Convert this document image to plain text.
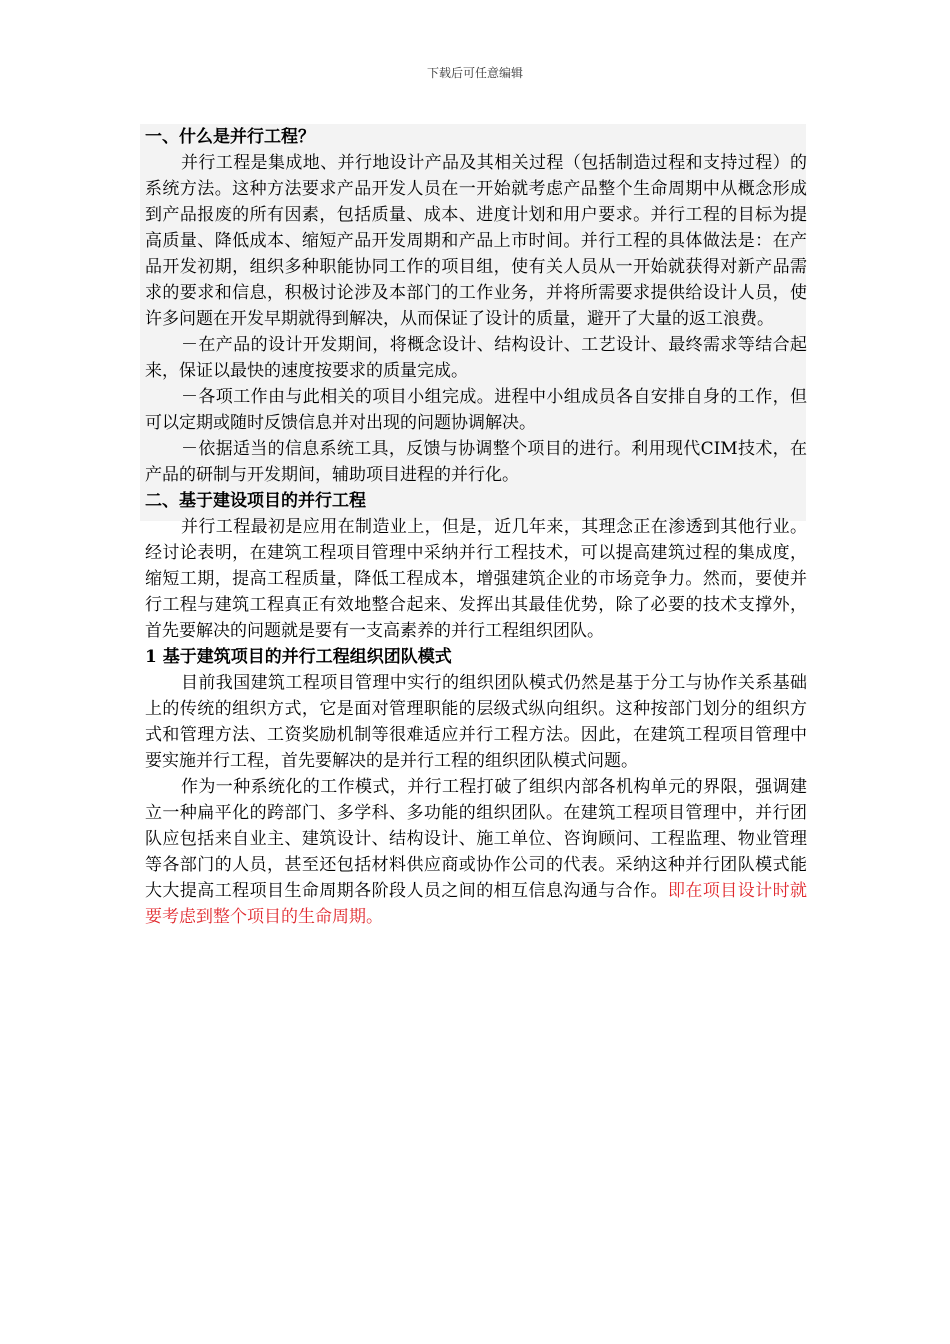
下载后可任意编辑

一、什么是并行工程？

并行工程是集成地、并行地设计产品及其相关过程（包括制造过程和支持过程）的系统方法。这种方法要求产品开发人员在一开始就考虑产品整个生命周期中从概念形成到产品报废的所有因素，包括质量、成本、进度计划和用户要求。并行工程的目标为提高质量、降低成本、缩短产品开发周期和产品上市时间。并行工程的具体做法是：在产品开发初期，组织多种职能协同工作的项目组，使有关人员从一开始就获得对新产品需求的要求和信息，积极讨论涉及本部门的工作业务，并将所需要求提供给设计人员，使许多问题在开发早期就得到解决，从而保证了设计的质量，避开了大量的返工浪费。

－在产品的设计开发期间，将概念设计、结构设计、工艺设计、最终需求等结合起来，保证以最快的速度按要求的质量完成。

－各项工作由与此相关的项目小组完成。进程中小组成员各自安排自身的工作，但可以定期或随时反馈信息并对出现的问题协调解决。

－依据适当的信息系统工具，反馈与协调整个项目的进行。利用现代CIM技术，在产品的研制与开发期间，辅助项目进程的并行化。

二、基于建设项目的并行工程

并行工程最初是应用在制造业上，但是，近几年来，其理念正在渗透到其他行业。经讨论表明，在建筑工程项目管理中采纳并行工程技术，可以提高建筑过程的集成度，缩短工期，提高工程质量，降低工程成本，增强建筑企业的市场竞争力。然而，要使并行工程与建筑工程真正有效地整合起来、发挥出其最佳优势，除了必要的技术支撑外，首先要解决的问题就是要有一支高素养的并行工程组织团队。

1 基于建筑项目的并行工程组织团队模式

目前我国建筑工程项目管理中实行的组织团队模式仍然是基于分工与协作关系基础上的传统的组织方式，它是面对管理职能的层级式纵向组织。这种按部门划分的组织方式和管理方法、工资奖励机制等很难适应并行工程方法。因此，在建筑工程项目管理中要实施并行工程，首先要解决的是并行工程的组织团队模式问题。

作为一种系统化的工作模式，并行工程打破了组织内部各机构单元的界限，强调建立一种扁平化的跨部门、多学科、多功能的组织团队。在建筑工程项目管理中，并行团队应包括来自业主、建筑设计、结构设计、施工单位、咨询顾问、工程监理、物业管理等各部门的人员，甚至还包括材料供应商或协作公司的代表。采纳这种并行团队模式能大大提高工程项目生命周期各阶段人员之间的相互信息沟通与合作。即在项目设计时就要考虑到整个项目的生命周期。
